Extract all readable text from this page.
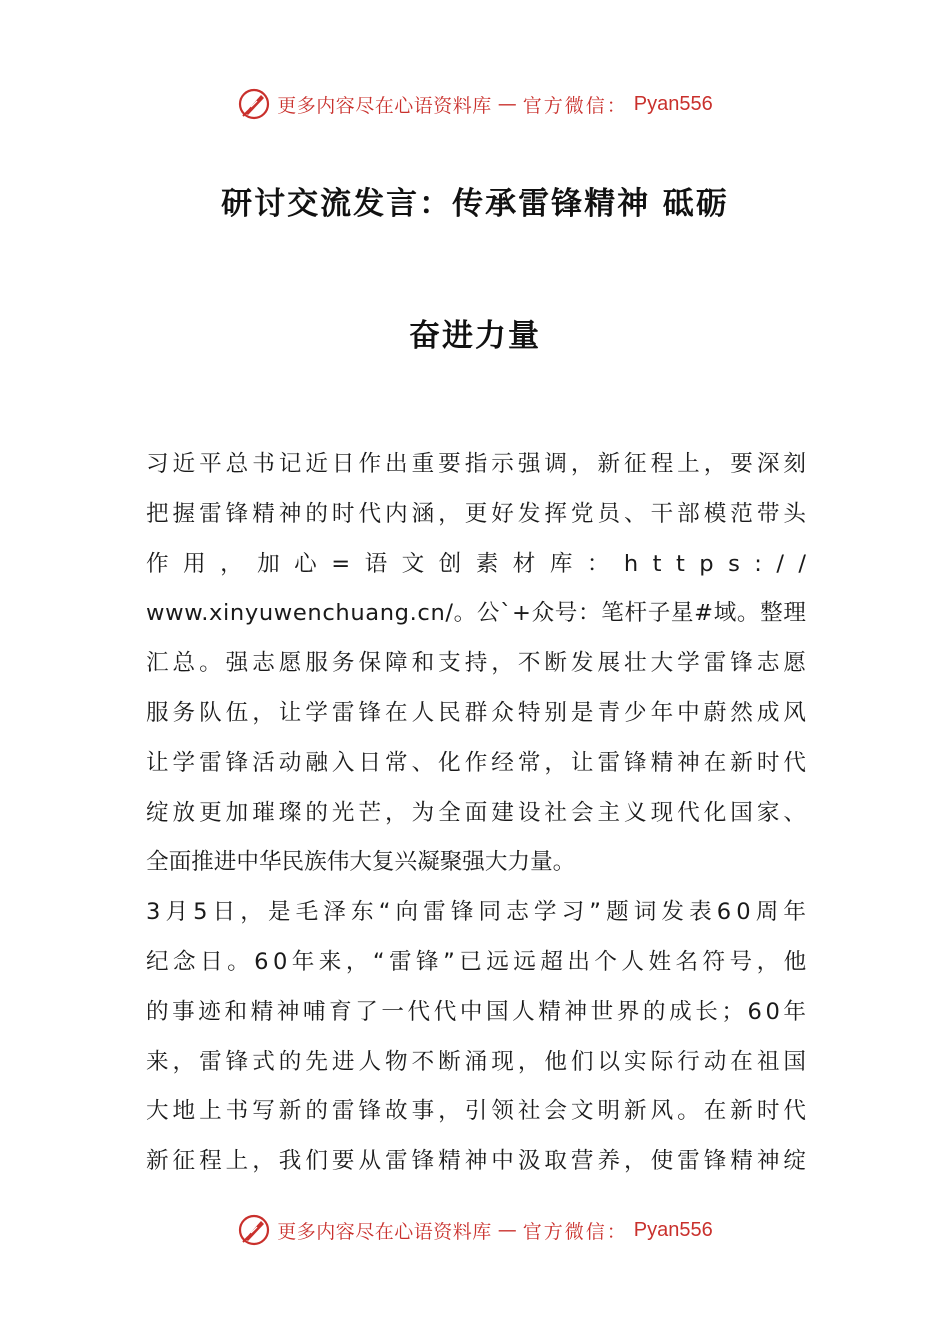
更多内容尽在心语资料库 — 官方微信： Pyan556
研讨交流发言：传承雷锋精神 砥砺
奋进力量
习近平总书记近日作出重要指示强调，新征程上，要深刻
把握雷锋精神的时代内涵，更好发挥党员、干部模范带头
作用，加心=语文创素材库：https://
www.xinyuwenchuang.cn/。公`+众号：笔杆子星#域。整理
汇总。强志愿服务保障和支持，不断发展壮大学雷锋志愿
服务队伍，让学雷锋在人民群众特别是青少年中蔚然成风
让学雷锋活动融入日常、化作经常，让雷锋精神在新时代
绽放更加璀璨的光芒，为全面建设社会主义现代化国家、
全面推进中华民族伟大复兴凝聚强大力量。
3月5日，是毛泽东“向雷锋同志学习”题词发表60周年
纪念日。60年来，“雷锋”已远远超出个人姓名符号，他
的事迹和精神哺育了一代代中国人精神世界的成长；60年
来，雷锋式的先进人物不断涌现，他们以实际行动在祖国
大地上书写新的雷锋故事，引领社会文明新风。在新时代
新征程上，我们要从雷锋精神中汲取营养，使雷锋精神绽
更多内容尽在心语资料库 — 官方微信： Pyan556
